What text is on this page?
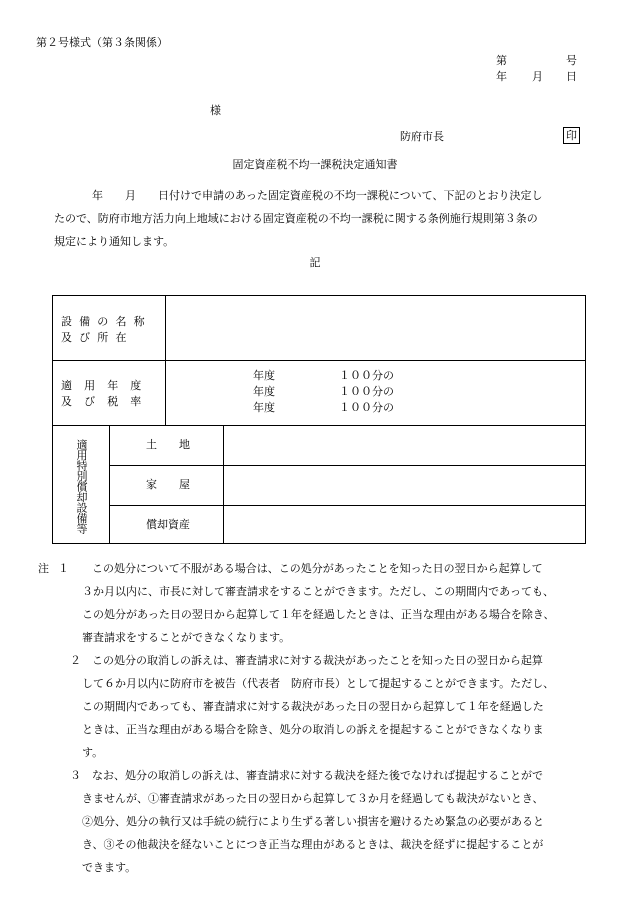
第２号様式（第３条関係）
第	号
年 月 日
様
防府市長	印
固定資産税不均一課税決定通知書
年　　月　　日付けで申請のあった固定資産税の不均一課税について、下記のとおり決定し
たので、防府市地方活力向上地域における固定資産税の不均一課税に関する条例施行規則第３条の
規定により通知します。
記
設備の名称
及び所在
適用年度
及び税率
年度	１００分の
年度	１００分の
年度	１００分の
適用特別償却設備等	土　　地
家　　屋
償却資産
注 １ この処分について不服がある場合は、この処分があったことを知った日の翌日から起算して
３か月以内に、市長に対して審査請求をすることができます。ただし、この期間内であっても、
この処分があった日の翌日から起算して１年を経過したときは、正当な理由がある場合を除き、
審査請求をすることができなくなります。
２ この処分の取消しの訴えは、審査請求に対する裁決があったことを知った日の翌日から起算
して６か月以内に防府市を被告（代表者　防府市長）として提起することができます。ただし、
この期間内であっても、審査請求に対する裁決があった日の翌日から起算して１年を経過した
ときは、正当な理由がある場合を除き、処分の取消しの訴えを提起することができなくなりま
す。
３ なお、処分の取消しの訴えは、審査請求に対する裁決を経た後でなければ提起することがで
きませんが、①審査請求があった日の翌日から起算して３か月を経過しても裁決がないとき、
②処分、処分の執行又は手続の続行により生ずる著しい損害を避けるため緊急の必要があると
き、③その他裁決を経ないことにつき正当な理由があるときは、裁決を経ずに提起することが
できます。
